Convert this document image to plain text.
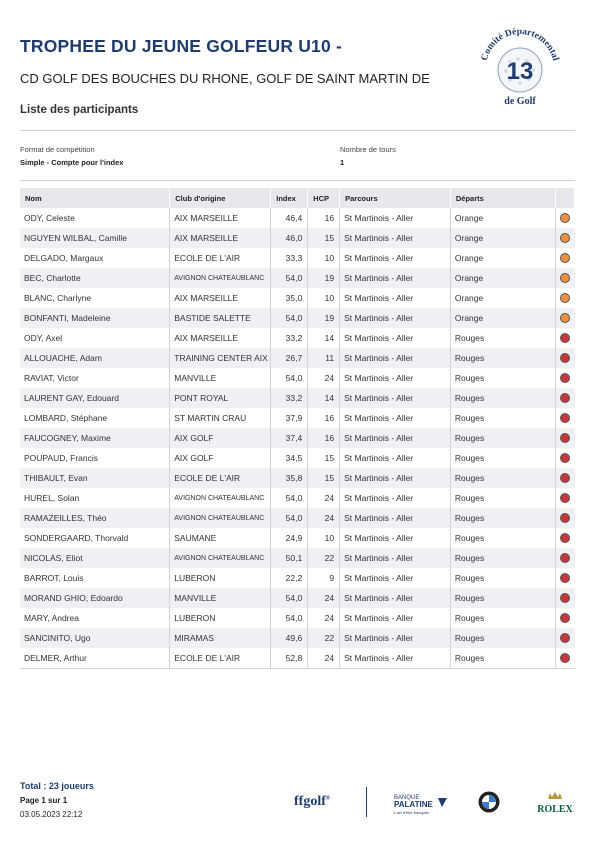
TROPHEE DU JEUNE GOLFEUR U10 -
CD GOLF DES BOUCHES DU RHONE, GOLF DE SAINT MARTIN DE
Liste des participants
Comité Départemental
13
de Golf
Format de compétition
Simple - Compte pour l'index
Nombre de tours
1
Nom	Club d'origine	Index	HCP	Parcours	Départs	
ODY, Celeste	AIX MARSEILLE	46,4	16	St Martinois - Aller	Orange	
NGUYEN WILBAL, Camille	AIX MARSEILLE	46,0	15	St Martinois - Aller	Orange	
DELGADO, Margaux	ECOLE DE L'AIR	33,3	10	St Martinois - Aller	Orange	
BEC, Charlotte	AVIGNON CHATEAUBLANC	54,0	19	St Martinois - Aller	Orange	
BLANC, Charlyne	AIX MARSEILLE	35,0	10	St Martinois - Aller	Orange	
BONFANTI, Madeleine	BASTIDE SALETTE	54,0	19	St Martinois - Aller	Orange	
ODY, Axel	AIX MARSEILLE	33,2	14	St Martinois - Aller	Rouges	
ALLOUACHE, Adam	TRAINING CENTER AIX	26,7	11	St Martinois - Aller	Rouges	
RAVIAT, Victor	MANVILLE	54,0	24	St Martinois - Aller	Rouges	
LAURENT GAY, Edouard	PONT ROYAL	33,2	14	St Martinois - Aller	Rouges	
LOMBARD, Stéphane	ST MARTIN CRAU	37,9	16	St Martinois - Aller	Rouges	
FAUCOGNEY, Maxime	AIX GOLF	37,4	16	St Martinois - Aller	Rouges	
POUPAUD, Francis	AIX GOLF	34,5	15	St Martinois - Aller	Rouges	
THIBAULT, Evan	ECOLE DE L'AIR	35,8	15	St Martinois - Aller	Rouges	
HUREL, Solan	AVIGNON CHATEAUBLANC	54,0	24	St Martinois - Aller	Rouges	
RAMAZEILLES, Théo	AVIGNON CHATEAUBLANC	54,0	24	St Martinois - Aller	Rouges	
SONDERGAARD, Thorvald	SAUMANE	24,9	10	St Martinois - Aller	Rouges	
NICOLAS, Eliot	AVIGNON CHATEAUBLANC	50,1	22	St Martinois - Aller	Rouges	
BARROT, Louis	LUBERON	22,2	9	St Martinois - Aller	Rouges	
MORAND GHIO, Edoardo	MANVILLE	54,0	24	St Martinois - Aller	Rouges	
MARY, Andrea	LUBERON	54,0	24	St Martinois - Aller	Rouges	
SANCINITO, Ugo	MIRAMAS	49,6	22	St Martinois - Aller	Rouges	
DELMER, Arthur	ECOLE DE L'AIR	52,8	24	St Martinois - Aller	Rouges	
Total : 23 joueurs
Page 1 sur 1
03.05.2023 22:12
ffgolf®	BANQUE
PALATINE
L'art d'être banquier	ROLEX
